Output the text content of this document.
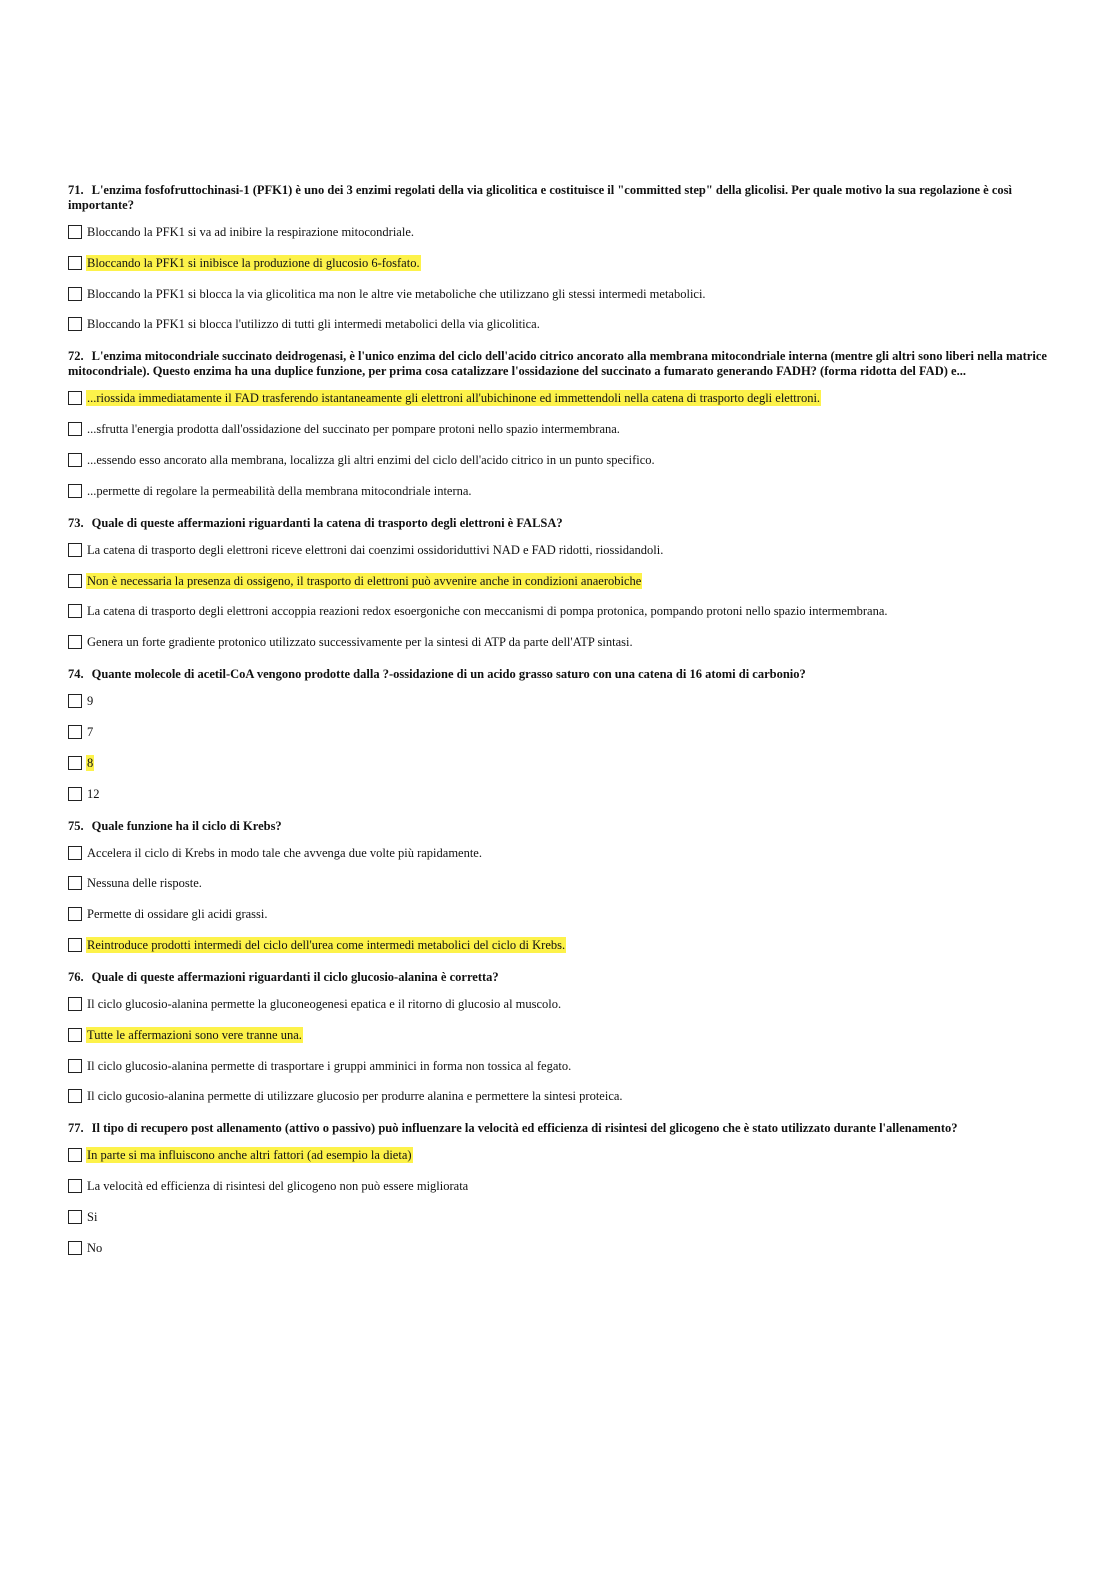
71. L'enzima fosfofruttochinasi-1 (PFK1) è uno dei 3 enzimi regolati della via glicolitica e costituisce il "committed step" della glicolisi. Per quale motivo la sua regolazione è così importante?
Bloccando la PFK1 si va ad inibire la respirazione mitocondriale.
Bloccando la PFK1 si inibisce la produzione di glucosio 6-fosfato.
Bloccando la PFK1 si blocca la via glicolitica ma non le altre vie metaboliche che utilizzano gli stessi intermedi metabolici.
Bloccando la PFK1 si blocca l'utilizzo di tutti gli intermedi metabolici della via glicolitica.
72. L'enzima mitocondriale succinato deidrogenasi, è l'unico enzima del ciclo dell'acido citrico ancorato alla membrana mitocondriale interna (mentre gli altri sono liberi nella matrice mitocondriale). Questo enzima ha una duplice funzione, per prima cosa catalizzare l'ossidazione del succinato a fumarato generando FADH? (forma ridotta del FAD) e...
...riossida immediatamente il FAD trasferendo istantaneamente gli elettroni all'ubichinone ed immettendoli nella catena di trasporto degli elettroni.
...sfrutta l'energia prodotta dall'ossidazione del succinato per pompare protoni nello spazio intermembrana.
...essendo esso ancorato alla membrana, localizza gli altri enzimi del ciclo dell'acido citrico in un punto specifico.
...permette di regolare la permeabilità della membrana mitocondriale interna.
73. Quale di queste affermazioni riguardanti la catena di trasporto degli elettroni è FALSA?
La catena di trasporto degli elettroni riceve elettroni dai coenzimi ossidoriduttivi NAD e FAD ridotti, riossidandoli.
Non è necessaria la presenza di ossigeno, il trasporto di elettroni può avvenire anche in condizioni anaerobiche
La catena di trasporto degli elettroni accoppia reazioni redox esoergoniche con meccanismi di pompa protonica, pompando protoni nello spazio intermembrana.
Genera un forte gradiente protonico utilizzato successivamente per la sintesi di ATP da parte dell'ATP sintasi.
74. Quante molecole di acetil-CoA vengono prodotte dalla ?-ossidazione di un acido grasso saturo con una catena di 16 atomi di carbonio?
9
7
8
12
75. Quale funzione ha il ciclo di Krebs?
Accelera il ciclo di Krebs in modo tale che avvenga due volte più rapidamente.
Nessuna delle risposte.
Permette di ossidare gli acidi grassi.
Reintroduce prodotti intermedi del ciclo dell'urea come intermedi metabolici del ciclo di Krebs.
76. Quale di queste affermazioni riguardanti il ciclo glucosio-alanina è corretta?
Il ciclo glucosio-alanina permette la gluconeogenesi epatica e il ritorno di glucosio al muscolo.
Tutte le affermazioni sono vere tranne una.
Il ciclo glucosio-alanina permette di trasportare i gruppi amminici in forma non tossica al fegato.
Il ciclo gucosio-alanina permette di utilizzare glucosio per produrre alanina e permettere la sintesi proteica.
77. Il tipo di recupero post allenamento (attivo o passivo) può influenzare la velocità ed efficienza di risintesi del glicogeno che è stato utilizzato durante l'allenamento?
In parte si ma influiscono anche altri fattori (ad esempio la dieta)
La velocità ed efficienza di risintesi del glicogeno non può essere migliorata
Si
No
